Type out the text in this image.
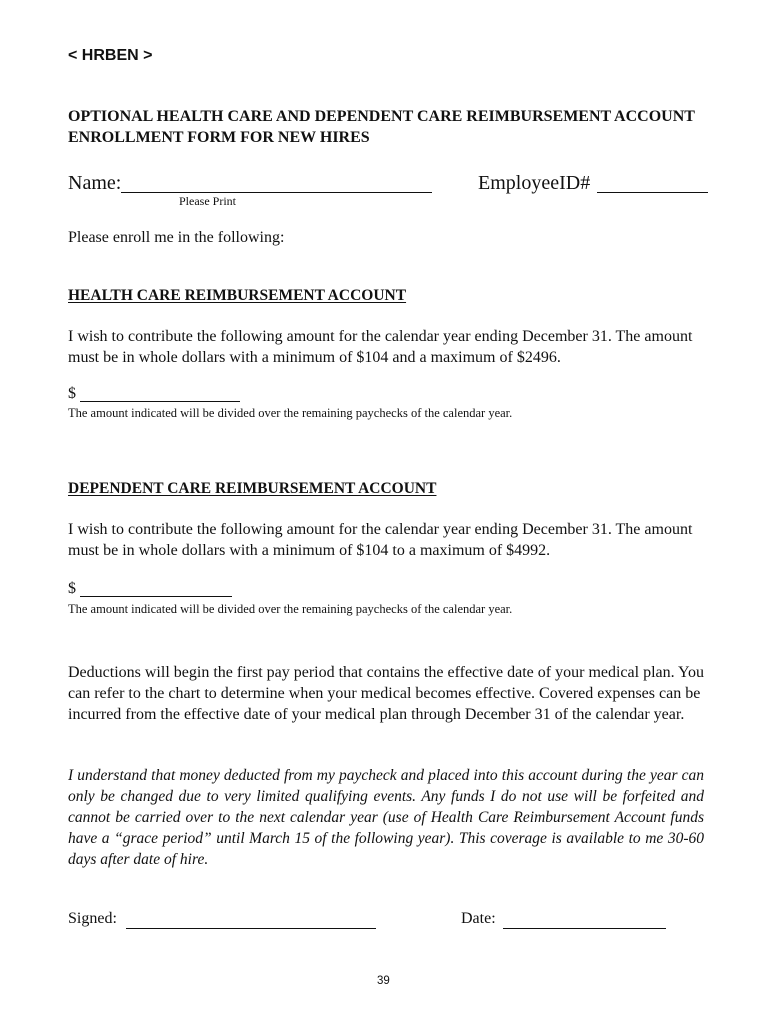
< HRBEN >
OPTIONAL HEALTH CARE AND DEPENDENT CARE REIMBURSEMENT ACCOUNT ENROLLMENT FORM FOR NEW HIRES
Name:
Please Print
EmployeeID#
Please enroll me in the following:
HEALTH CARE REIMBURSEMENT ACCOUNT
I wish to contribute the following amount for the calendar year ending December 31. The amount must be in whole dollars with a minimum of $104 and a maximum of $2496.
$
The amount indicated will be divided over the remaining paychecks of the calendar year.
DEPENDENT CARE REIMBURSEMENT ACCOUNT
I wish to contribute the following amount for the calendar year ending December 31. The amount must be in whole dollars with a minimum of $104 to a maximum of $4992.
$
The amount indicated will be divided over the remaining paychecks of the calendar year.
Deductions will begin the first pay period that contains the effective date of your medical plan. You can refer to the chart to determine when your medical becomes effective. Covered expenses can be incurred from the effective date of your medical plan through December 31 of the calendar year.
I understand that money deducted from my paycheck and placed into this account during the year can only be changed due to very limited qualifying events. Any funds I do not use will be forfeited and cannot be carried over to the next calendar year (use of Health Care Reimbursement Account funds have a “grace period” until March 15 of the following year). This coverage is available to me 30-60 days after date of hire.
Signed:	Date:
39
